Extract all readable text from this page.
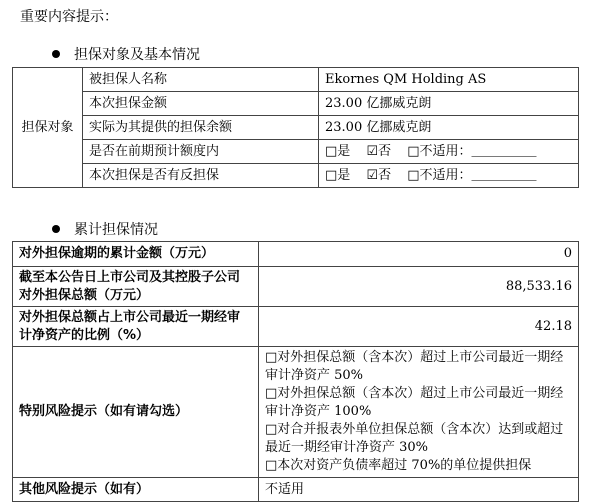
重要内容提示：
担保对象及基本情况
担保对象	被担保人名称	Ekornes QM Holding AS
	本次担保金额	23.00 亿挪威克朗
	实际为其提供的担保余额	23.00 亿挪威克朗
	是否在前期预计额度内	□是 ☑否 □不适用：＿＿＿＿＿
	本次担保是否有反担保	□是 ☑否 □不适用：＿＿＿＿＿
累计担保情况
对外担保逾期的累计金额（万元）	0
截至本公告日上市公司及其控股子公司对外担保总额（万元）	88,533.16
对外担保总额占上市公司最近一期经审计净资产的比例（%）	42.18
特别风险提示（如有请勾选）	□对外担保总额（含本次）超过上市公司最近一期经审计净资产 50%
□对外担保总额（含本次）超过上市公司最近一期经审计净资产 100%
□对合并报表外单位担保总额（含本次）达到或超过最近一期经审计净资产 30%
□本次对资产负债率超过 70%的单位提供担保

其他风险提示（如有）	不适用
